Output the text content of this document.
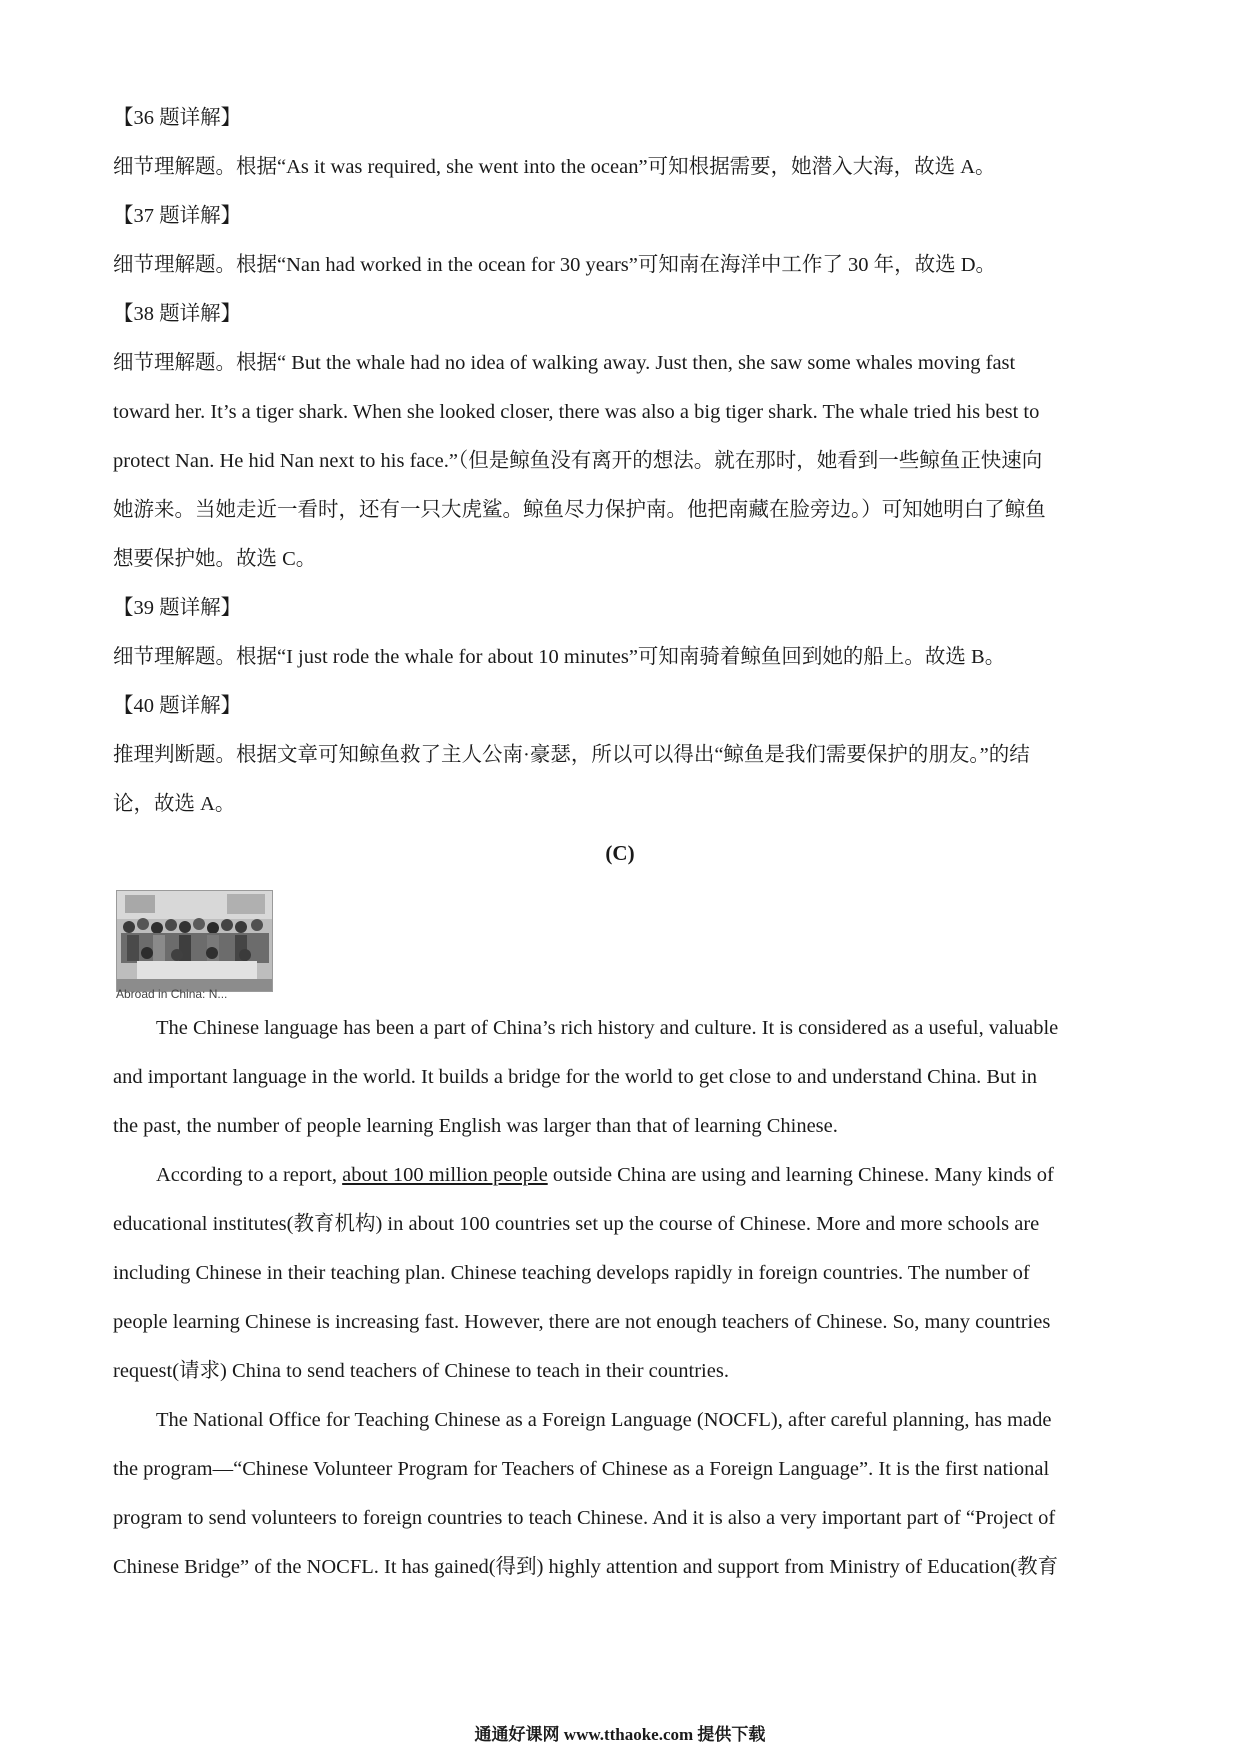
【36 题详解】
细节理解题。根据“As it was required, she went into the ocean”可知根据需要，她潜入大海，故选 A。
【37 题详解】
细节理解题。根据“Nan had worked in the ocean for 30 years”可知南在海洋中工作了 30 年，故选 D。
【38 题详解】
细节理解题。根据“ But the whale had no idea of walking away. Just then, she saw some whales moving fast
toward her. It’s a tiger shark. When she looked closer, there was also a big tiger shark. The whale tried his best to
protect Nan. He hid Nan next to his face.”（但是鲸鱼没有离开的想法。就在那时，她看到一些鲸鱼正快速向
她游来。当她走近一看时，还有一只大虎鲨。鲸鱼尽力保护南。他把南藏在脸旁边。）可知她明白了鲸鱼
想要保护她。故选 C。
【39 题详解】
细节理解题。根据“I just rode the whale for about 10 minutes”可知南骑着鲸鱼回到她的船上。故选 B。
【40 题详解】
推理判断题。根据文章可知鲸鱼救了主人公南·豪瑟，所以可以得出“鲸鱼是我们需要保护的朋友。”的结
论，故选 A。
(C)
Abroad in China: N...
The Chinese language has been a part of China’s rich history and culture. It is considered as a useful, valuable
and important language in the world. It builds a bridge for the world to get close to and understand China. But in
the past, the number of people learning English was larger than that of learning Chinese.
According to a report, about 100 million people outside China are using and learning Chinese. Many kinds of
educational institutes(教育机构) in about 100 countries set up the course of Chinese. More and more schools are
including Chinese in their teaching plan. Chinese teaching develops rapidly in foreign countries. The number of
people learning Chinese is increasing fast. However, there are not enough teachers of Chinese. So, many countries
request(请求) China to send teachers of Chinese to teach in their countries.
The National Office for Teaching Chinese as a Foreign Language (NOCFL), after careful planning, has made
the program—“Chinese Volunteer Program for Teachers of Chinese as a Foreign Language”. It is the first national
program to send volunteers to foreign countries to teach Chinese. And it is also a very important part of “Project of
Chinese Bridge” of the NOCFL. It has gained(得到) highly attention and support from Ministry of Education(教育
通通好课网 www.tthaoke.com 提供下载
